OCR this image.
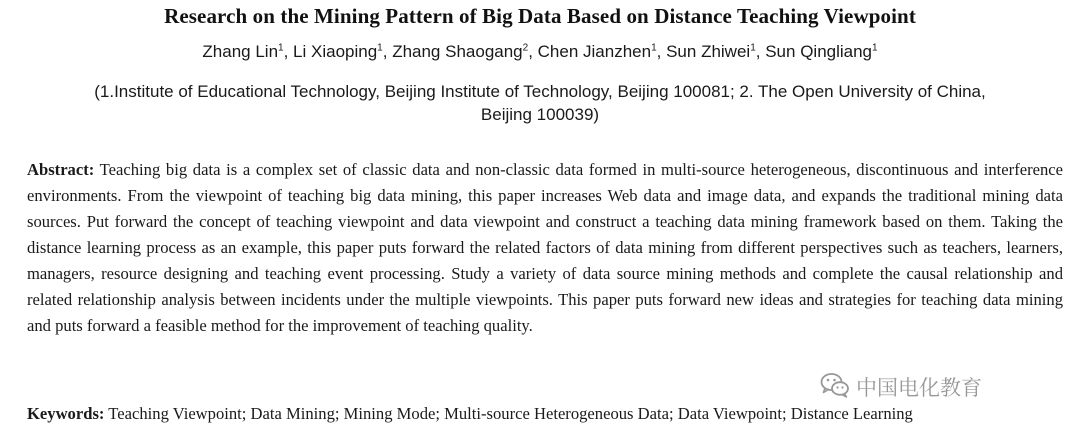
Research on the Mining Pattern of Big Data Based on Distance Teaching Viewpoint
Zhang Lin$^1$, Li Xiaoping$^1$, Zhang Shaogang$^2$, Chen Jianzhen$^1$, Sun Zhiwei$^1$, Sun Qingliang$^1$
(1.Institute of Educational Technology, Beijing Institute of Technology, Beijing 100081; 2. The Open University of China,
Beijing 100039)
Abstract: Teaching big data is a complex set of classic data and non-classic data formed in multi-source heterogeneous, discontinuous and interference environments. From the viewpoint of teaching big data mining, this paper increases Web data and image data, and expands the traditional mining data sources. Put forward the concept of teaching viewpoint and data viewpoint and construct a teaching data mining framework based on them. Taking the distance learning process as an example, this paper puts forward the related factors of data mining from different perspectives such as teachers, learners, managers, resource designing and teaching event processing. Study a variety of data source mining methods and complete the causal relationship and related relationship analysis between incidents under the multiple viewpoints. This paper puts forward new ideas and strategies for teaching data mining and puts forward a feasible method for the improvement of teaching quality.
Keywords: Teaching Viewpoint; Data Mining; Mining Mode; Multi-source Heterogeneous Data; Data Viewpoint; Distance Learning
中国电化教育
